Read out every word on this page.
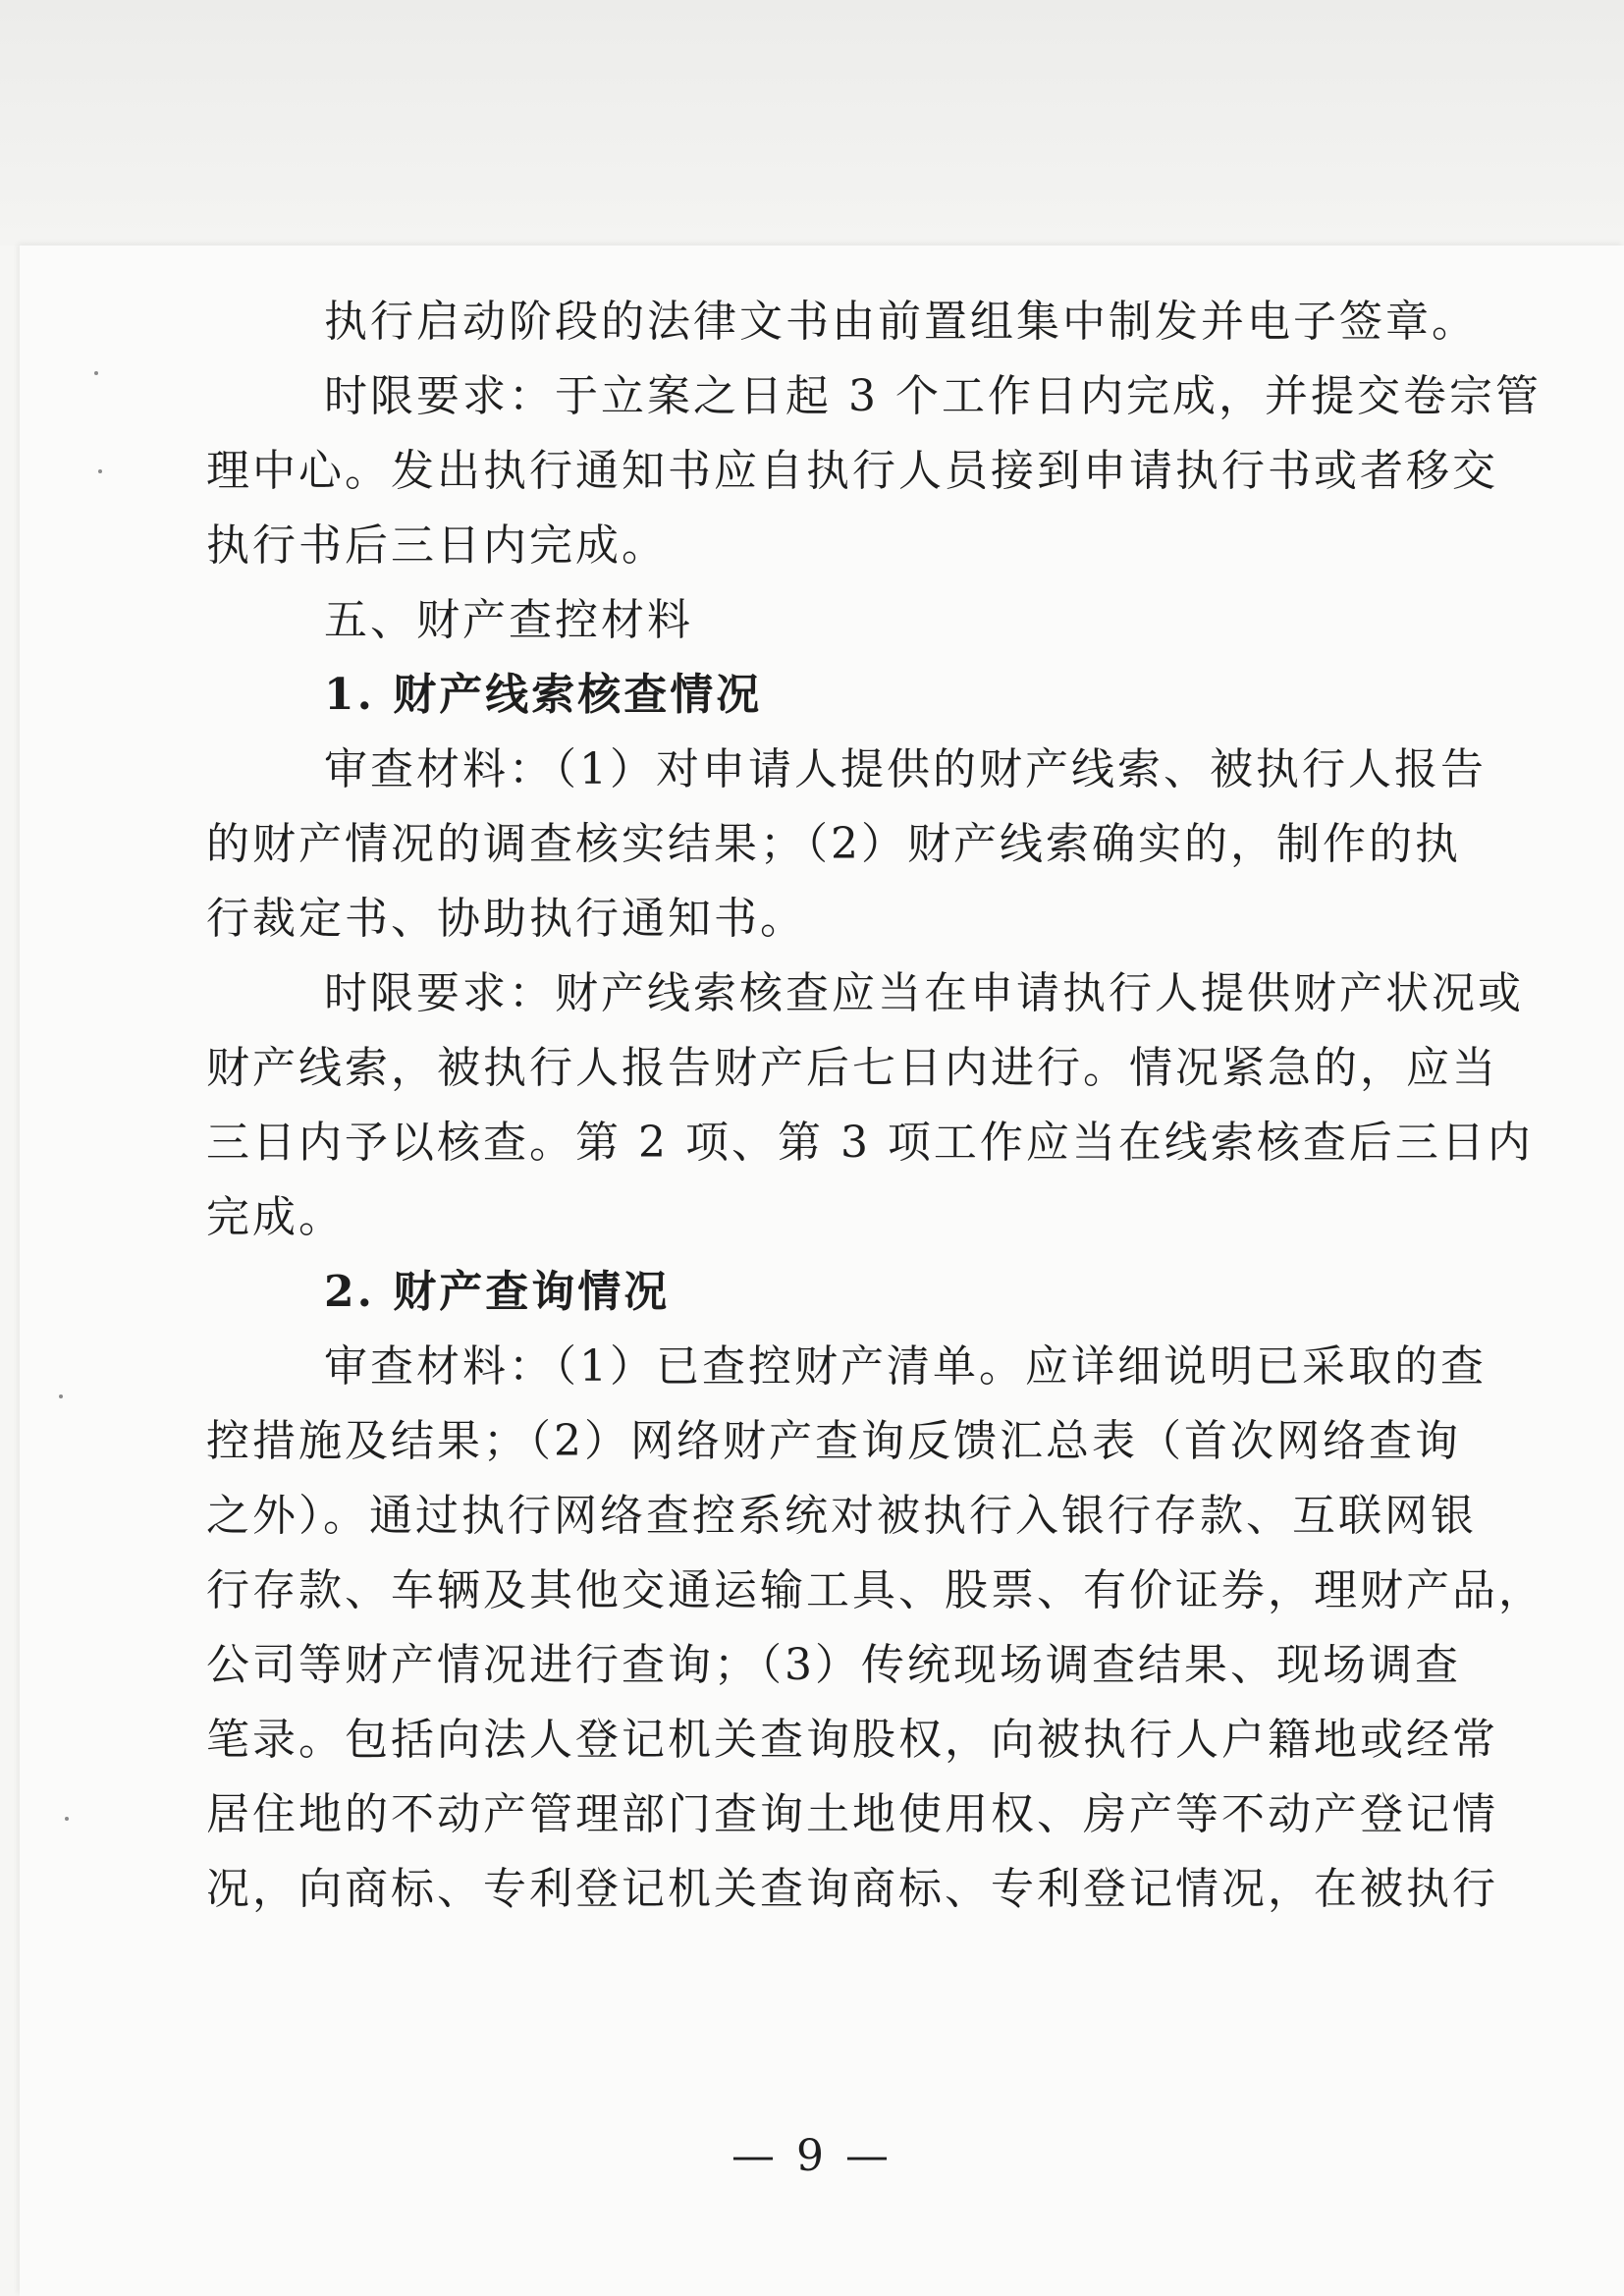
执行启动阶段的法律文书由前置组集中制发并电子签章。
时限要求：于立案之日起 3 个工作日内完成，并提交卷宗管
理中心。发出执行通知书应自执行人员接到申请执行书或者移交
执行书后三日内完成。
五、财产查控材料
1. 财产线索核查情况
审查材料：（1）对申请人提供的财产线索、被执行人报告
的财产情况的调查核实结果；（2）财产线索确实的，制作的执
行裁定书、协助执行通知书。
时限要求：财产线索核查应当在申请执行人提供财产状况或
财产线索，被执行人报告财产后七日内进行。情况紧急的，应当
三日内予以核查。第 2 项、第 3 项工作应当在线索核查后三日内
完成。
2. 财产查询情况
审查材料：（1）已查控财产清单。应详细说明已采取的查
控措施及结果；（2）网络财产查询反馈汇总表（首次网络查询
之外）。通过执行网络查控系统对被执行入银行存款、互联网银
行存款、车辆及其他交通运输工具、股票、有价证券，理财产品，
公司等财产情况进行查询；（3）传统现场调查结果、现场调查
笔录。包括向法人登记机关查询股权，向被执行人户籍地或经常
居住地的不动产管理部门查询土地使用权、房产等不动产登记情
况，向商标、专利登记机关查询商标、专利登记情况，在被执行
— 9 —
